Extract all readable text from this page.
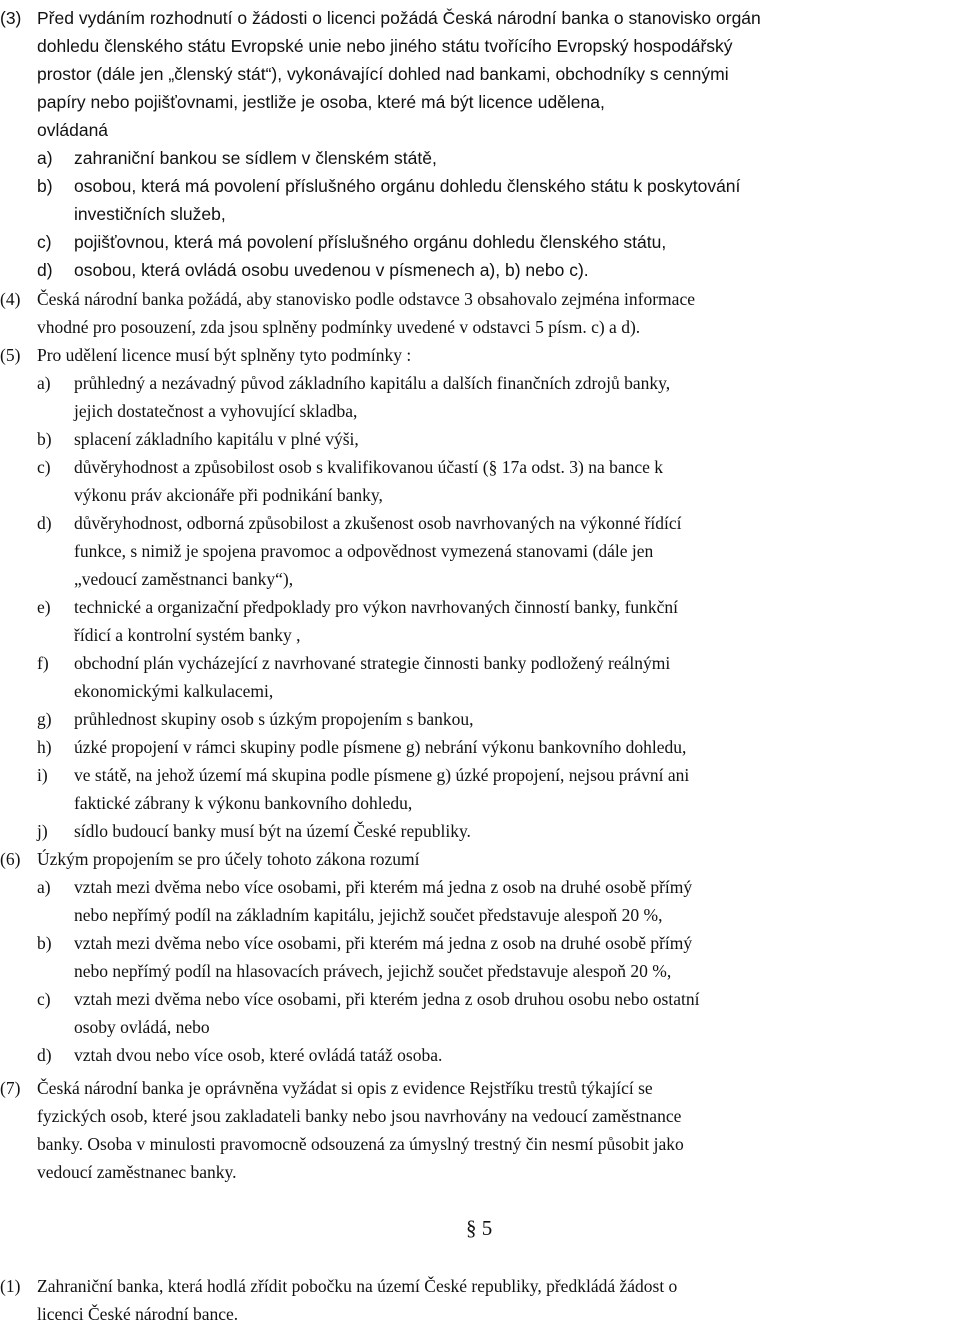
(3) Před vydáním rozhodnutí o žádosti o licenci požádá Česká národní banka o stanovisko orgán
dohledu členského státu Evropské unie nebo jiného státu tvořícího Evropský hospodářský
prostor (dále jen „členský stát“), vykonávající dohled nad bankami, obchodníky s cennými
papíry nebo pojišťovnami, jestliže je osoba, které má být licence udělena,
ovládaná
a) zahraniční bankou se sídlem v členském státě,
b) osobou, která má povolení příslušného orgánu dohledu členského státu k poskytování
investičních služeb,
c) pojišťovnou, která má povolení příslušného orgánu dohledu členského státu,
d) osobou, která ovládá osobu uvedenou v písmenech a), b) nebo c).
(4) Česká národní banka požádá, aby stanovisko podle odstavce 3 obsahovalo zejména informace
vhodné pro posouzení, zda jsou splněny podmínky uvedené v odstavci 5 písm. c) a d).
(5) Pro udělení licence musí být splněny tyto podmínky :
a) průhledný a nezávadný původ základního kapitálu a dalších finančních zdrojů banky,
jejich dostatečnost a vyhovující skladba,
b) splacení základního kapitálu v plné výši,
c) důvěryhodnost a způsobilost osob s kvalifikovanou účastí (§ 17a odst. 3) na bance k
výkonu práv akcionáře při podnikání banky,
d) důvěryhodnost, odborná způsobilost a zkušenost osob navrhovaných na výkonné řídící
funkce, s nimiž je spojena pravomoc a odpovědnost vymezená stanovami (dále jen
„vedoucí zaměstnanci banky“),
e) technické a organizační předpoklady pro výkon navrhovaných činností banky, funkční
řídicí a kontrolní systém banky ,
f) obchodní plán vycházející z navrhované strategie činnosti banky podložený reálnými
ekonomickými kalkulacemi,
g) průhlednost skupiny osob s úzkým propojením s bankou,
h) úzké propojení v rámci skupiny podle písmene g) nebrání výkonu bankovního dohledu,
i) ve státě, na jehož území má skupina podle písmene g) úzké propojení, nejsou právní ani
faktické zábrany k výkonu bankovního dohledu,
j) sídlo budoucí banky musí být na území České republiky.
(6) Úzkým propojením se pro účely tohoto zákona rozumí
a) vztah mezi dvěma nebo více osobami, při kterém má jedna z osob na druhé osobě přímý
nebo nepřímý podíl na základním kapitálu, jejichž součet představuje alespoň 20 %,
b) vztah mezi dvěma nebo více osobami, při kterém má jedna z osob na druhé osobě přímý
nebo nepřímý podíl na hlasovacích právech, jejichž součet představuje alespoň 20 %,
c) vztah mezi dvěma nebo více osobami, při kterém jedna z osob druhou osobu nebo ostatní
osoby ovládá, nebo
d) vztah dvou nebo více osob, které ovládá tatáž osoba.
(7) Česká národní banka je oprávněna vyžádat si opis z evidence Rejstříku trestů týkající se
fyzických osob, které jsou zakladateli banky nebo jsou navrhovány na vedoucí zaměstnance
banky. Osoba v minulosti pravomocně odsouzená za úmyslný trestný čin nesmí působit jako
vedoucí zaměstnanec banky.
§ 5
(1) Zahraniční banka, která hodlá zřídit pobočku na území České republiky, předkládá žádost o
licenci České národní bance.
